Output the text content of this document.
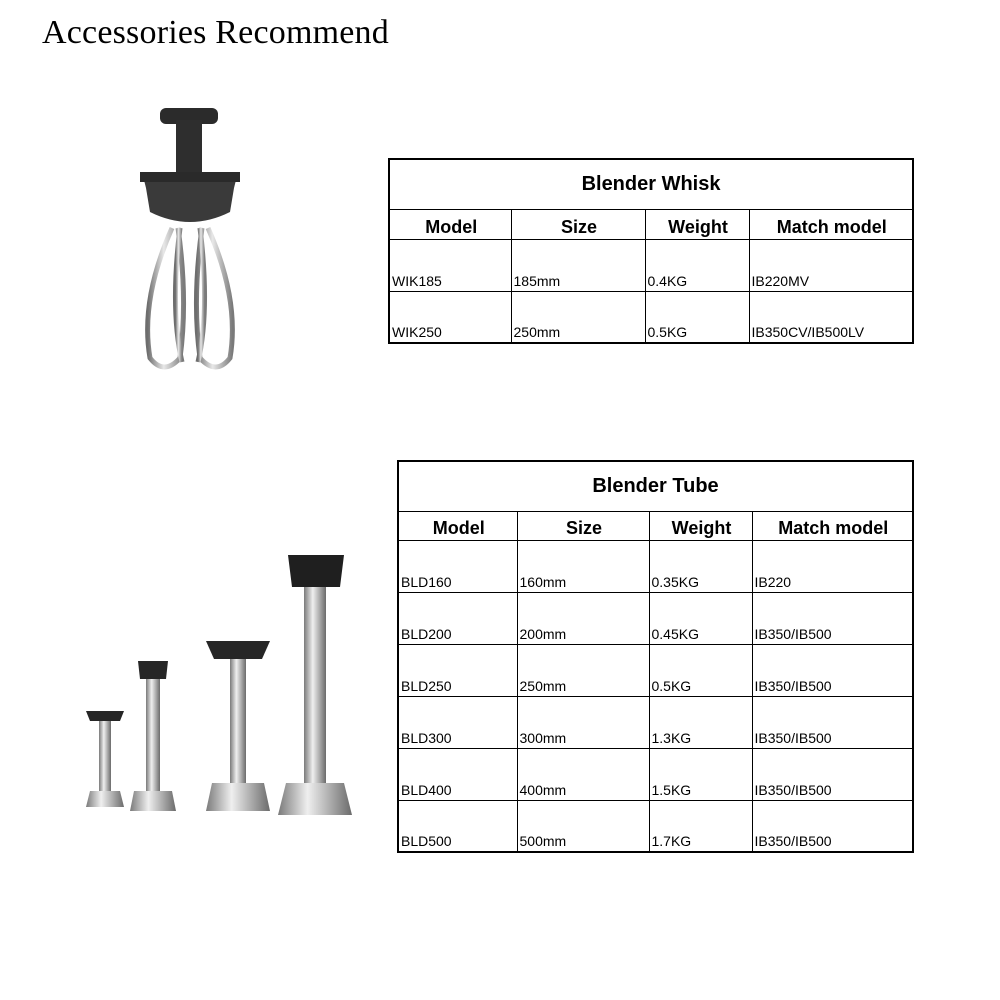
Accessories Recommend
Blender Whisk			
Model	Size	Weight	Match model
WIK185	185mm	0.4KG	IB220MV
WIK250	250mm	0.5KG	IB350CV/IB500LV
Blender Tube			
Model	Size	Weight	Match model
BLD160	160mm	0.35KG	IB220
BLD200	200mm	0.45KG	IB350/IB500
BLD250	250mm	0.5KG	IB350/IB500
BLD300	300mm	1.3KG	IB350/IB500
BLD400	400mm	1.5KG	IB350/IB500
BLD500	500mm	1.7KG	IB350/IB500
